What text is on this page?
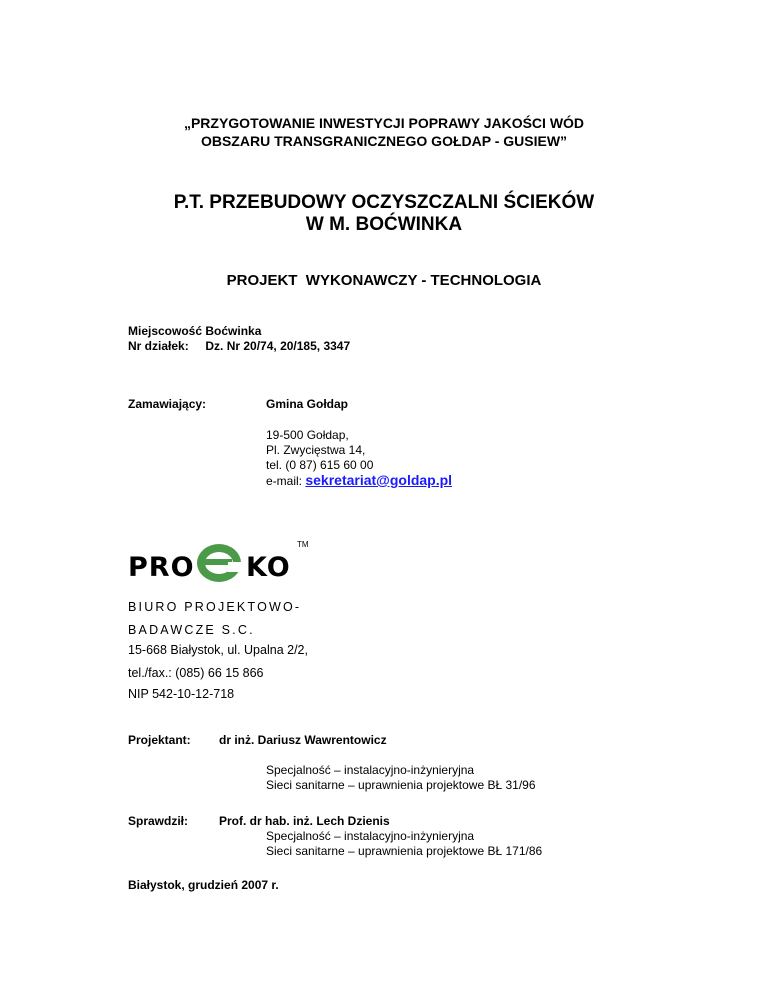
„PRZYGOTOWANIE INWESTYCJI POPRAWY JAKOŚCI WÓD
OBSZARU TRANSGRANICZNEGO GOŁDAP - GUSIEW”
P.T. PRZEBUDOWY OCZYSZCZALNI ŚCIEKÓW
W M. BOĆWINKA
PROJEKT  WYKONAWCZY - TECHNOLOGIA
Miejscowość Boćwinka
Nr działek: Dz. Nr 20/74, 20/185, 3347
Zamawiający:	Gmina Gołdap
19-500 Gołdap,
Pl. Zwycięstwa 14,
tel. (0 87) 615 60 00
e-mail: sekretariat@goldap.pl
PRO KO
TM
BIURO PROJEKTOWO-
BADAWCZE S.C.
15-668 Białystok, ul. Upalna 2/2,
tel./fax.: (085) 66 15 866
NIP 542-10-12-718
Projektant: dr inż. Dariusz Wawrentowicz
Specjalność – instalacyjno-inżynieryjna
Sieci sanitarne – uprawnienia projektowe BŁ 31/96
Sprawdził:	Prof. dr hab. inż. Lech Dzienis
Specjalność – instalacyjno-inżynieryjna
Sieci sanitarne – uprawnienia projektowe BŁ 171/86
Białystok, grudzień 2007 r.
